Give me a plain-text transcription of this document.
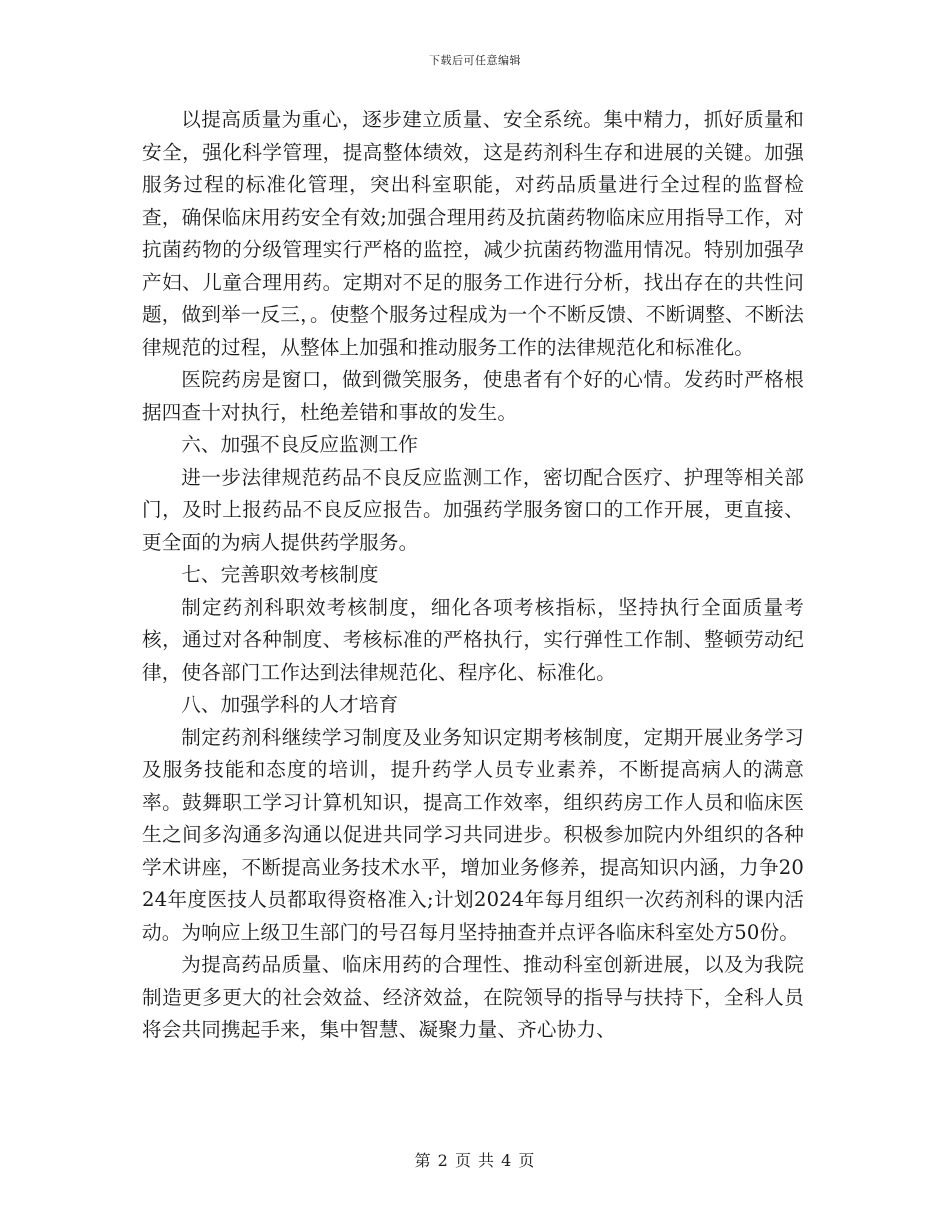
下载后可任意编辑

以提高质量为重心，逐步建立质量、安全系统。集中精力，抓好质量和安全，强化科学管理，提高整体绩效，这是药剂科生存和进展的关键。加强服务过程的标准化管理，突出科室职能，对药品质量进行全过程的监督检查，确保临床用药安全有效;加强合理用药及抗菌药物临床应用指导工作，对抗菌药物的分级管理实行严格的监控，减少抗菌药物滥用情况。特别加强孕产妇、儿童合理用药。定期对不足的服务工作进行分析，找出存在的共性问题，做到举一反三，。使整个服务过程成为一个不断反馈、不断调整、不断法律规范的过程，从整体上加强和推动服务工作的法律规范化和标准化。

医院药房是窗口，做到微笑服务，使患者有个好的心情。发药时严格根据四查十对执行，杜绝差错和事故的发生。

六、加强不良反应监测工作

进一步法律规范药品不良反应监测工作，密切配合医疗、护理等相关部门，及时上报药品不良反应报告。加强药学服务窗口的工作开展，更直接、更全面的为病人提供药学服务。

七、完善职效考核制度

制定药剂科职效考核制度，细化各项考核指标，坚持执行全面质量考核，通过对各种制度、考核标准的严格执行，实行弹性工作制、整顿劳动纪律，使各部门工作达到法律规范化、程序化、标准化。

八、加强学科的人才培育

制定药剂科继续学习制度及业务知识定期考核制度，定期开展业务学习及服务技能和态度的培训，提升药学人员专业素养，不断提高病人的满意率。鼓舞职工学习计算机知识，提高工作效率，组织药房工作人员和临床医生之间多沟通多沟通以促进共同学习共同进步。积极参加院内外组织的各种学术讲座，不断提高业务技术水平，增加业务修养，提高知识内涵，力争2024年度医技人员都取得资格准入;计划2024年每月组织一次药剂科的课内活动。为响应上级卫生部门的号召每月坚持抽查并点评各临床科室处方50份。

为提高药品质量、临床用药的合理性、推动科室创新进展，以及为我院制造更多更大的社会效益、经济效益，在院领导的指导与扶持下，全科人员将会共同携起手来，集中智慧、凝聚力量、齐心协力、

第 2 页 共 4 页
